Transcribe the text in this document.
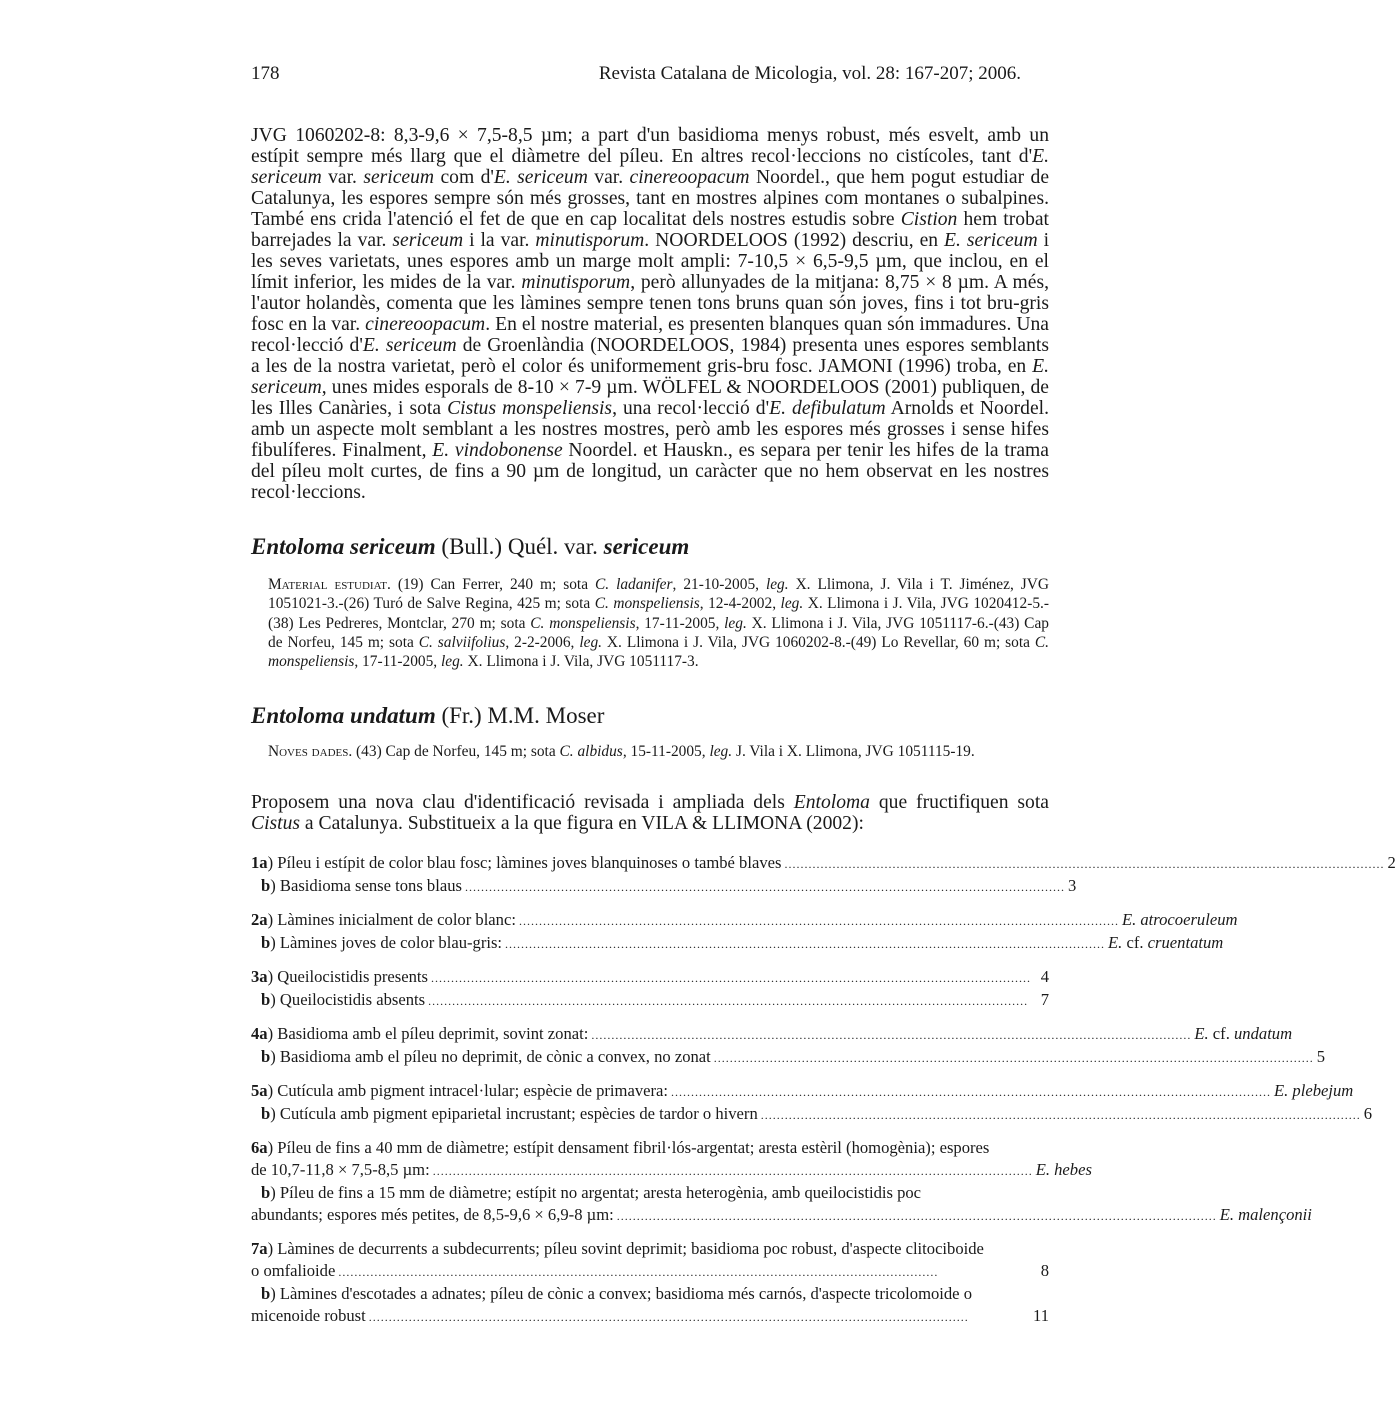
178	Revista Catalana de Micologia, vol. 28: 167-207; 2006.

JVG 1060202-8: 8,3-9,6 × 7,5-8,5 µm; a part d'un basidioma menys robust, més esvelt, amb un estípit sempre més llarg que el diàmetre del píleu. En altres recol·leccions no cistícoles, tant d'E. sericeum var. sericeum com d'E. sericeum var. cinereoopacum Noordel., que hem pogut estudiar de Catalunya, les espores sempre són més grosses, tant en mostres alpines com montanes o subalpines. També ens crida l'atenció el fet de que en cap localitat dels nostres estudis sobre Cistion hem trobat barrejades la var. sericeum i la var. minutisporum. NOORDELOOS (1992) descriu, en E. sericeum i les seves varietats, unes espores amb un marge molt ampli: 7-10,5 × 6,5-9,5 µm, que inclou, en el límit inferior, les mides de la var. minutisporum, però allunyades de la mitjana: 8,75 × 8 µm. A més, l'autor holandès, comenta que les làmines sempre tenen tons bruns quan són joves, fins i tot bru-gris fosc en la var. cinereoopacum. En el nostre material, es presenten blanques quan són immadures. Una recol·lecció d'E. sericeum de Groenlàndia (NOORDELOOS, 1984) presenta unes espores semblants a les de la nostra varietat, però el color és uniformement gris-bru fosc. JAMONI (1996) troba, en E. sericeum, unes mides esporals de 8-10 × 7-9 µm. WÖLFEL & NOORDELOOS (2001) publiquen, de les Illes Canàries, i sota Cistus monspeliensis, una recol·lecció d'E. defibulatum Arnolds et Noordel. amb un aspecte molt semblant a les nostres mostres, però amb les espores més grosses i sense hifes fibulíferes. Finalment, E. vindobonense Noordel. et Hauskn., es separa per tenir les hifes de la trama del píleu molt curtes, de fins a 90 µm de longitud, un caràcter que no hem observat en les nostres recol·leccions.

Entoloma sericeum (Bull.) Quél. var. sericeum

Material estudiat. (19) Can Ferrer, 240 m; sota C. ladanifer, 21-10-2005, leg. X. Llimona, J. Vila i T. Jiménez, JVG 1051021-3.-(26) Turó de Salve Regina, 425 m; sota C. monspeliensis, 12-4-2002, leg. X. Llimona i J. Vila, JVG 1020412-5.-(38) Les Pedreres, Montclar, 270 m; sota C. monspeliensis, 17-11-2005, leg. X. Llimona i J. Vila, JVG 1051117-6.-(43) Cap de Norfeu, 145 m; sota C. salviifolius, 2-2-2006, leg. X. Llimona i J. Vila, JVG 1060202-8.-(49) Lo Revellar, 60 m; sota C. monspeliensis, 17-11-2005, leg. X. Llimona i J. Vila, JVG 1051117-3.

Entoloma undatum (Fr.) M.M. Moser

Noves dades. (43) Cap de Norfeu, 145 m; sota C. albidus, 15-11-2005, leg. J. Vila i X. Llimona, JVG 1051115-19.

Proposem una nova clau d'identificació revisada i ampliada dels Entoloma que fructifiquen sota Cistus a Catalunya. Substitueix a la que figura en VILA & LLIMONA (2002):

1a) Píleu i estípit de color blau fosc; làmines joves blanquinoses o també blaves ...................................................................................................................................................... 2
b) Basidioma sense tons blaus ...................................................................................................................................................... 3
2a) Làmines inicialment de color blanc: ...................................................................................................................................................... E. atrocoeruleum
b) Làmines joves de color blau-gris: ...................................................................................................................................................... E. cf. cruentatum
3a) Queilocistidis presents ...................................................................................................................................................... 4
b) Queilocistidis absents ...................................................................................................................................................... 7
4a) Basidioma amb el píleu deprimit, sovint zonat: ...................................................................................................................................................... E. cf. undatum
b) Basidioma amb el píleu no deprimit, de cònic a convex, no zonat ...................................................................................................................................................... 5
5a) Cutícula amb pigment intracel·lular; espècie de primavera: ...................................................................................................................................................... E. plebejum
b) Cutícula amb pigment epiparietal incrustant; espècies de tardor o hivern ...................................................................................................................................................... 6
6a) Píleu de fins a 40 mm de diàmetre; estípit densament fibril·lós-argentat; aresta estèril (homogènia); espores
de 10,7-11,8 × 7,5-8,5 µm: ...................................................................................................................................................... E. hebes
b) Píleu de fins a 15 mm de diàmetre; estípit no argentat; aresta heterogènia, amb queilocistidis poc
abundants; espores més petites, de 8,5-9,6 × 6,9-8 µm: ...................................................................................................................................................... E. malençonii
7a) Làmines de decurrents a subdecurrents; píleu sovint deprimit; basidioma poc robust, d'aspecte clitociboide
o omfalioide ......................................................................................................................................................	8
b) Làmines d'escotades a adnates; píleu de cònic a convex; basidioma més carnós, d'aspecte tricolomoide o
micenoide robust ......................................................................................................................................................	11
